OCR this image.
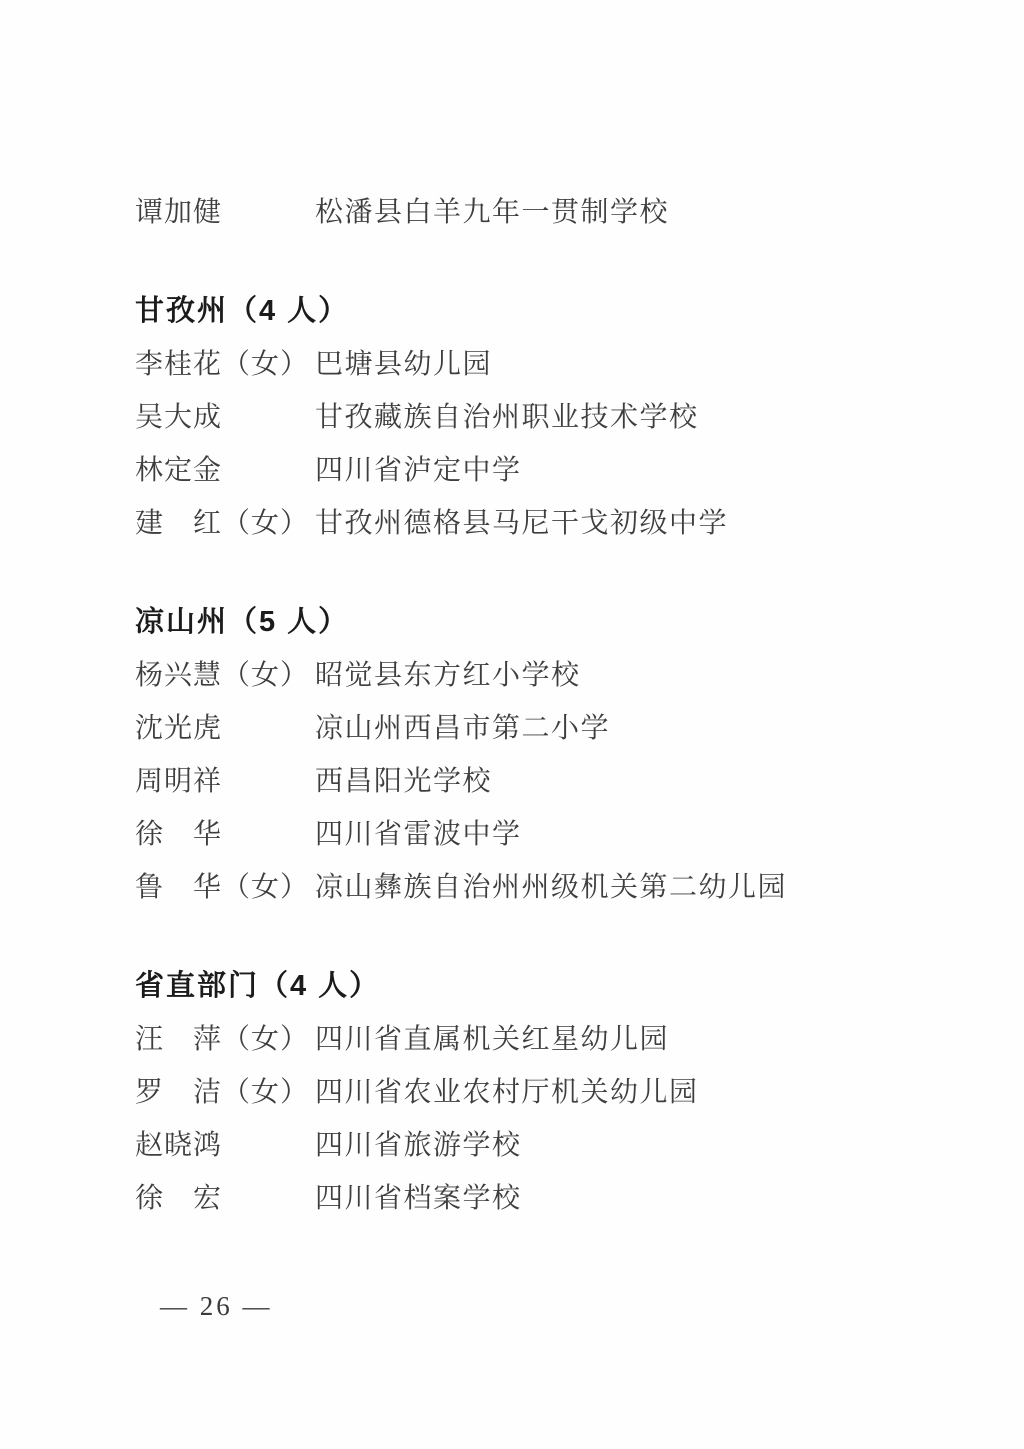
谭加健	松潘县白羊九年一贯制学校
甘孜州（4 人）
李桂花（女） 巴塘县幼儿园
吴大成	甘孜藏族自治州职业技术学校
林定金	四川省泸定中学
建　红（女） 甘孜州德格县马尼干戈初级中学
凉山州（5 人）
杨兴慧（女） 昭觉县东方红小学校
沈光虎	凉山州西昌市第二小学
周明祥	西昌阳光学校
徐　华	四川省雷波中学
鲁　华（女） 凉山彝族自治州州级机关第二幼儿园
省直部门（4 人）
汪　萍（女） 四川省直属机关红星幼儿园
罗　洁（女） 四川省农业农村厅机关幼儿园
赵晓鸿	四川省旅游学校
徐　宏	四川省档案学校
— 26 —
